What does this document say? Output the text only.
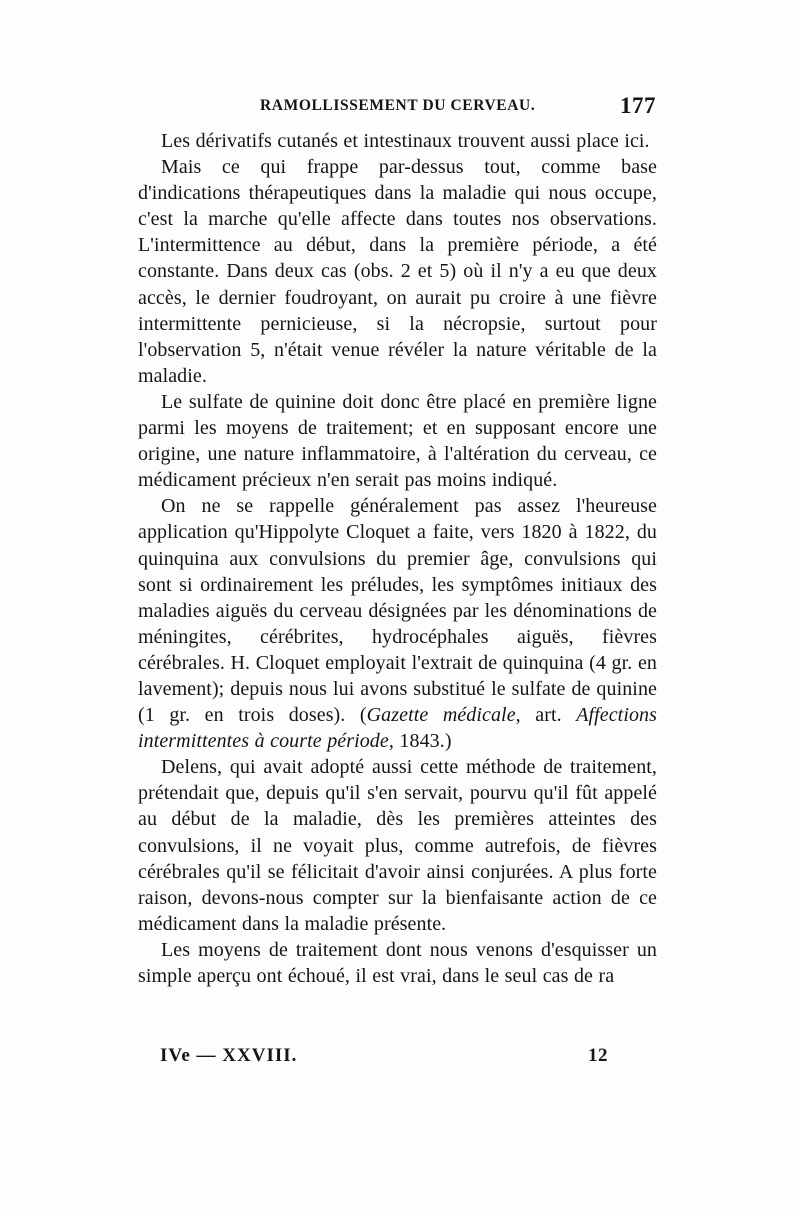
RAMOLLISSEMENT DU CERVEAU.	177

Les dérivatifs cutanés et intestinaux trouvent aussi place ici.

Mais ce qui frappe par-dessus tout, comme base d'indications thérapeutiques dans la maladie qui nous occupe, c'est la marche qu'elle affecte dans toutes nos observations. L'intermittence au début, dans la première période, a été constante. Dans deux cas (obs. 2 et 5) où il n'y a eu que deux accès, le dernier foudroyant, on aurait pu croire à une fièvre intermittente pernicieuse, si la nécropsie, surtout pour l'observation 5, n'était venue révéler la nature véritable de la maladie.

Le sulfate de quinine doit donc être placé en première ligne parmi les moyens de traitement; et en supposant encore une origine, une nature inflammatoire, à l'altération du cerveau, ce médicament précieux n'en serait pas moins indiqué.

On ne se rappelle généralement pas assez l'heureuse application qu'Hippolyte Cloquet a faite, vers 1820 à 1822, du quinquina aux convulsions du premier âge, convulsions qui sont si ordinairement les préludes, les symptômes initiaux des maladies aiguës du cerveau désignées par les dénominations de méningites, cérébrites, hydrocéphales aiguës, fièvres cérébrales. H. Cloquet employait l'extrait de quinquina (4 gr. en lavement); depuis nous lui avons substitué le sulfate de quinine (1 gr. en trois doses). (Gazette médicale, art. Affections intermittentes à courte période, 1843.)

Delens, qui avait adopté aussi cette méthode de traitement, prétendait que, depuis qu'il s'en servait, pourvu qu'il fût appelé au début de la maladie, dès les premières atteintes des convulsions, il ne voyait plus, comme autrefois, de fièvres cérébrales qu'il se félicitait d'avoir ainsi conjurées. A plus forte raison, devons-nous compter sur la bienfaisante action de ce médicament dans la maladie présente.

Les moyens de traitement dont nous venons d'esquisser un simple aperçu ont échoué, il est vrai, dans le seul cas de ra

IVe — XXVIII.	12
